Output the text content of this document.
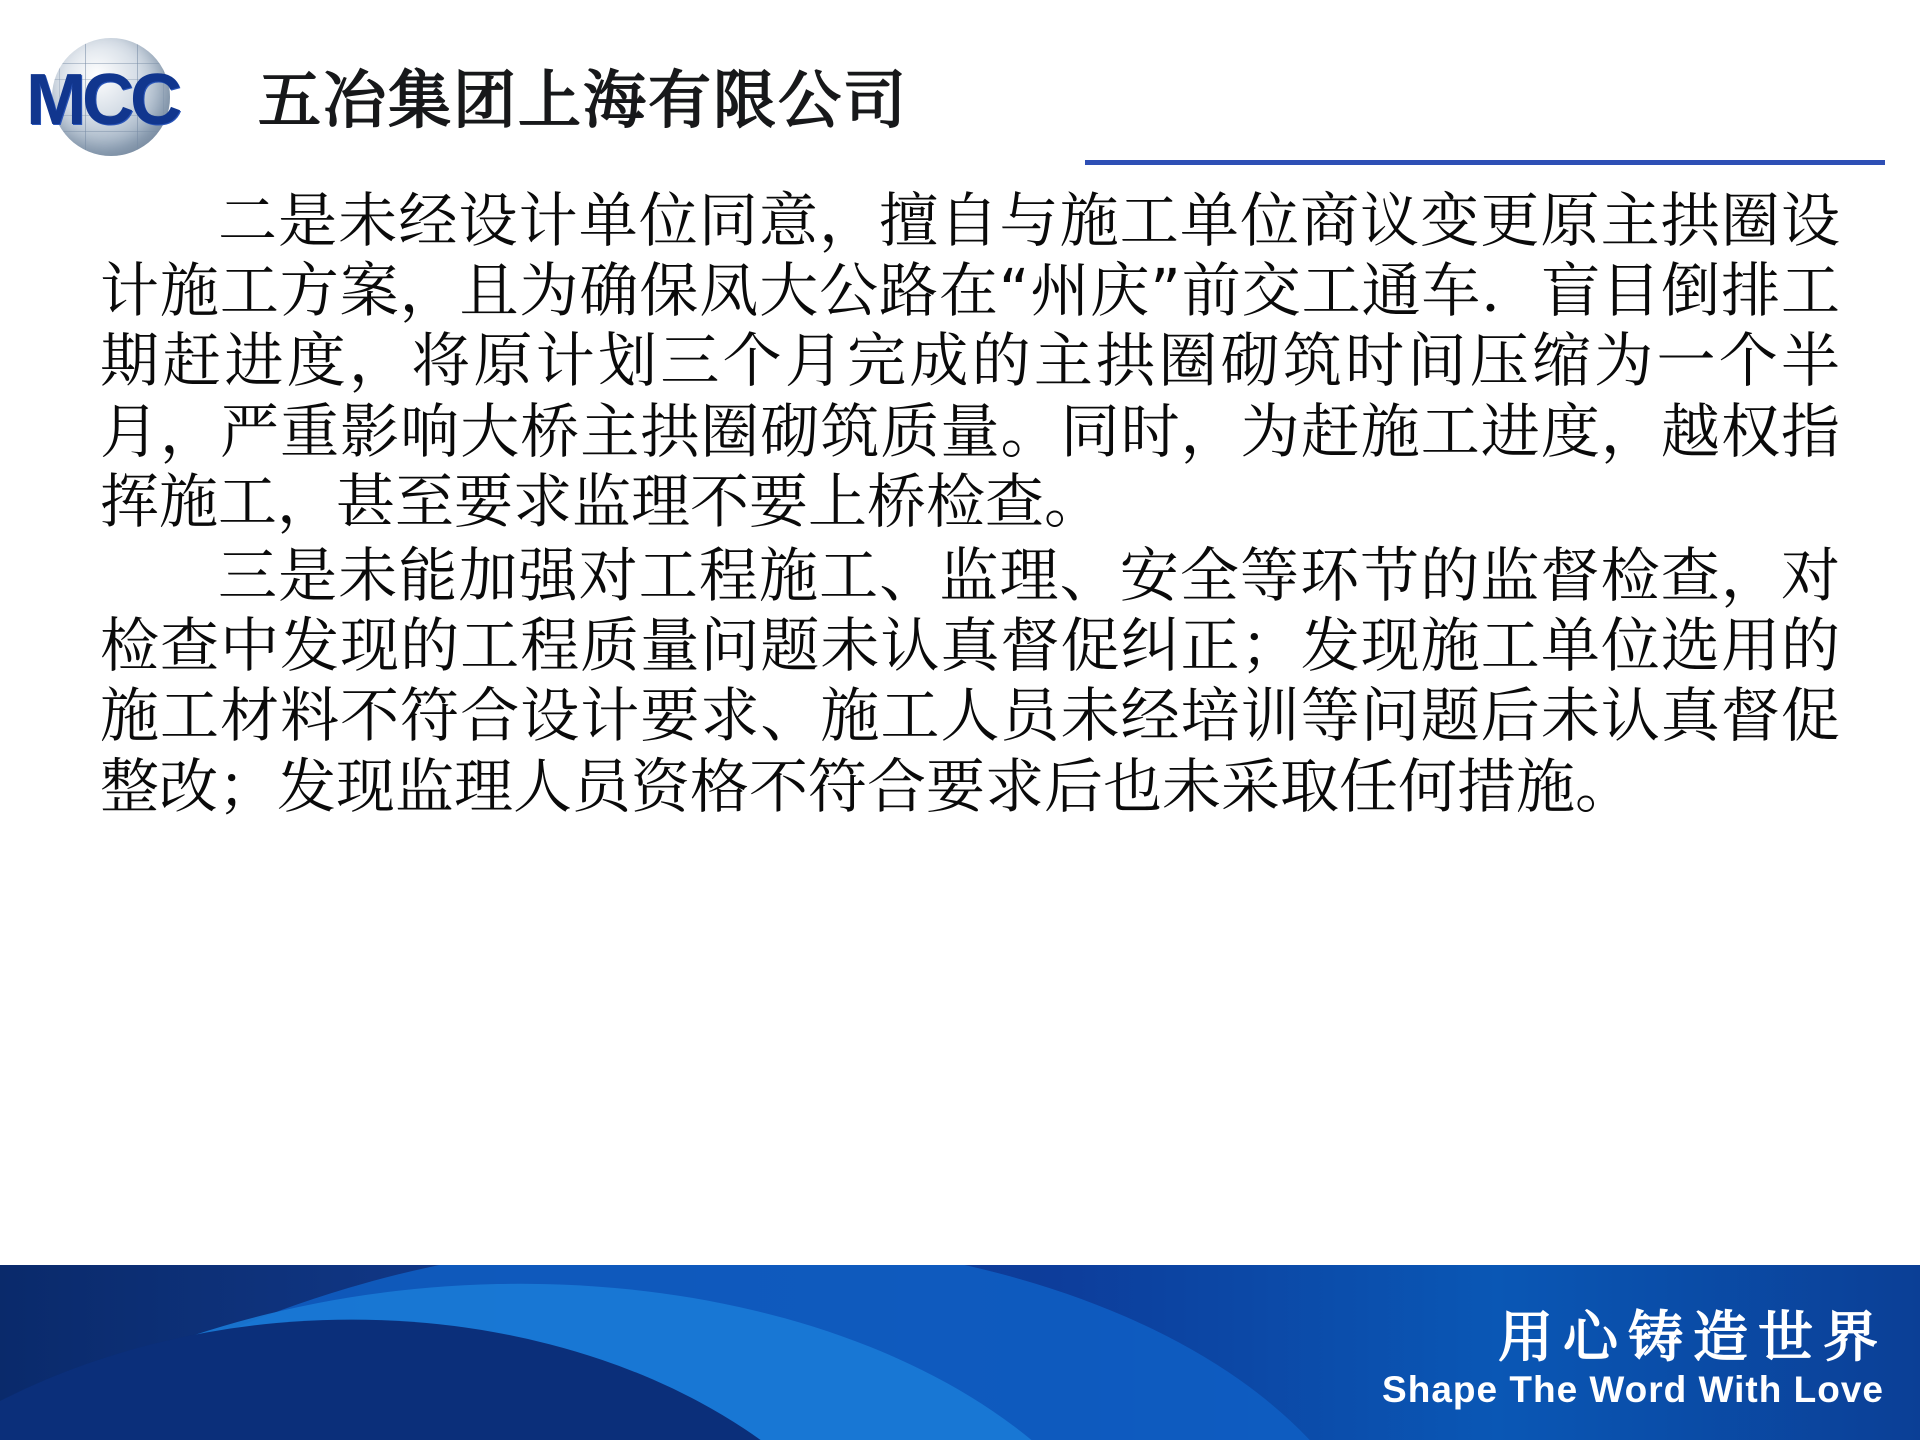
MCC 五冶集团上海有限公司

二是未经设计单位同意，擅自与施工单位商议变更原主拱圈设计施工方案，且为确保凤大公路在“州庆”前交工通车．盲目倒排工期赶进度，将原计划三个月完成的主拱圈砌筑时间压缩为一个半月，严重影响大桥主拱圈砌筑质量。同时，为赶施工进度，越权指挥施工，甚至要求监理不要上桥检查。

三是未能加强对工程施工、监理、安全等环节的监督检查，对检查中发现的工程质量问题未认真督促纠正；发现施工单位选用的施工材料不符合设计要求、施工人员未经培训等问题后未认真督促整改；发现监理人员资格不符合要求后也未采取任何措施。

用心铸造世界
Shape The Word With Love
